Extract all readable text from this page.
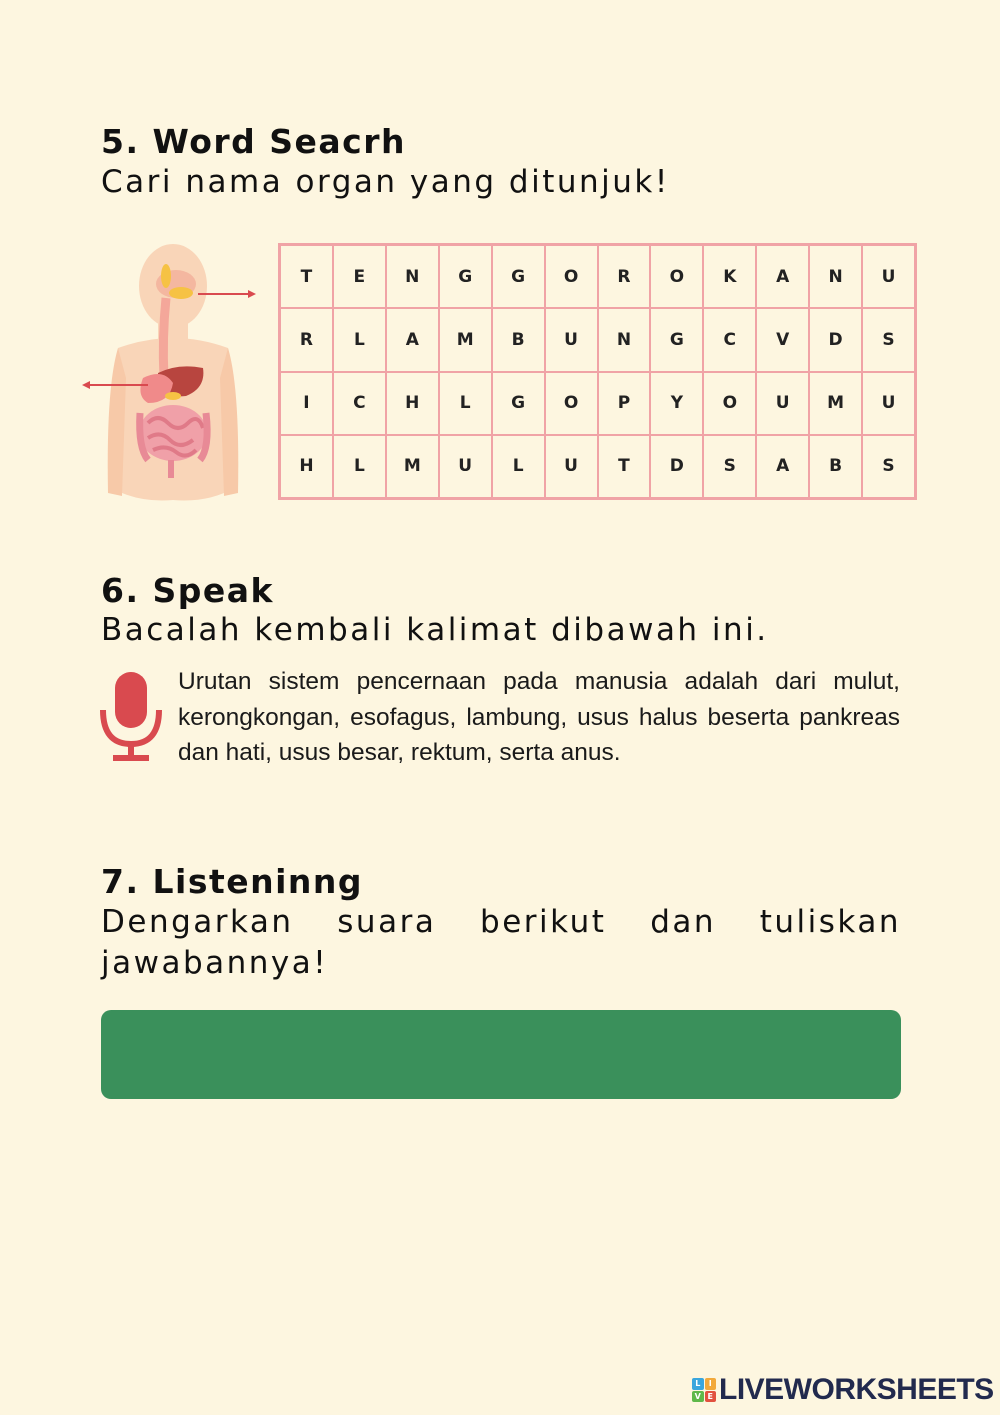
5. Word Seacrh

Cari nama organ yang ditunjuk!

T	E	N	G	G	O	R	O	K	A	N	U
R	L	A	M	B	U	N	G	C	V	D	S
I	C	H	L	G	O	P	Y	O	U	M	U
H	L	M	U	L	U	T	D	S	A	B	S
6. Speak

Bacalah kembali kalimat dibawah ini.

Urutan sistem pencernaan pada manusia adalah dari mulut, kerongkongan, esofagus, lambung, usus halus beserta pankreas dan hati, usus besar, rektum, serta anus.

7. Listeninng
Dengarkan suara berikut dan tuliskan
jawabannya!
L	I
V E LIVEWORKSHEETS
